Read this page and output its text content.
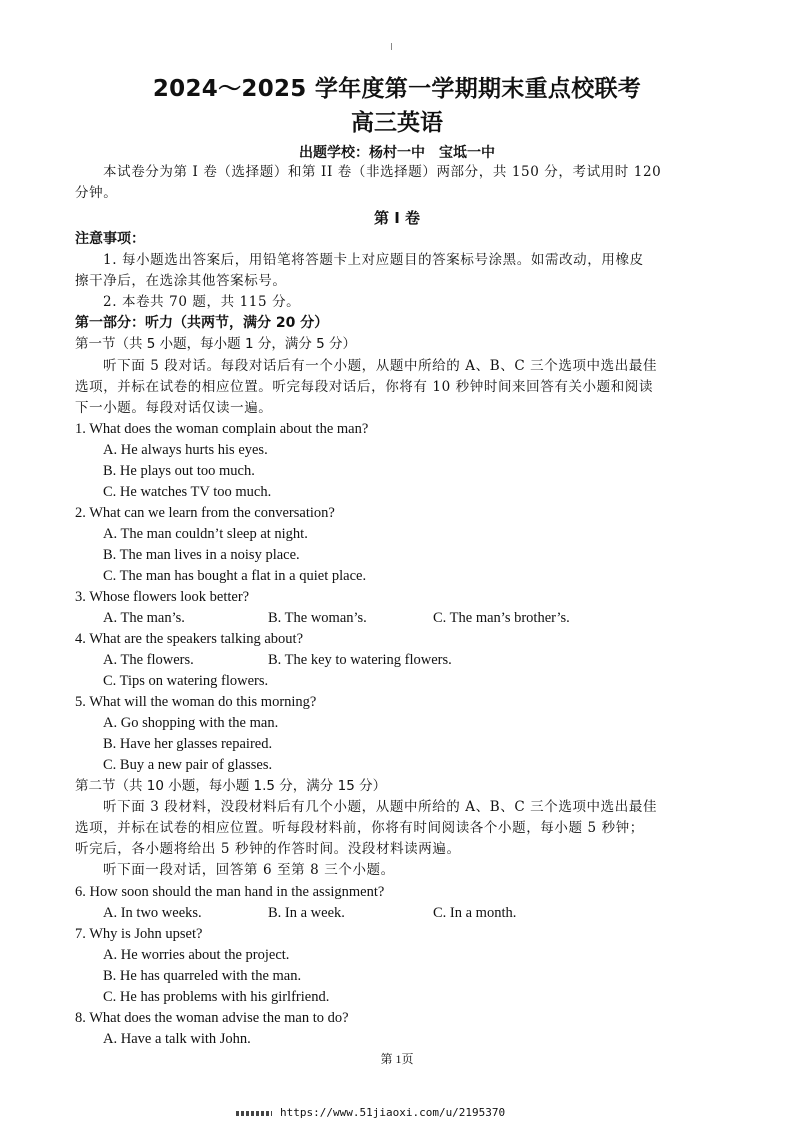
2024～2025 学年度第一学期期末重点校联考
高三英语
出题学校：杨村一中　宝坻一中
本试卷分为第 I 卷（选择题）和第 II 卷（非选择题）两部分，共 150 分，考试用时 120
分钟。
第 I 卷
注意事项：
1. 每小题选出答案后，用铅笔将答题卡上对应题目的答案标号涂黑。如需改动，用橡皮
擦干净后，在选涂其他答案标号。
2. 本卷共 70 题，共 115 分。
第一部分：听力（共两节，满分 20 分）
第一节（共 5 小题，每小题 1 分，满分 5 分）
听下面 5 段对话。每段对话后有一个小题，从题中所给的 A、B、C 三个选项中选出最佳
选项，并标在试卷的相应位置。听完每段对话后，你将有 10 秒钟时间来回答有关小题和阅读
下一小题。每段对话仅读一遍。
1. What does the woman complain about the man?
A. He always hurts his eyes.
B. He plays out too much.
C. He watches TV too much.
2. What can we learn from the conversation?
A. The man couldn’t sleep at night.
B. The man lives in a noisy place.
C. The man has bought a flat in a quiet place.
3. Whose flowers look better?
A. The man’s.	B. The woman’s.	C. The man’s brother’s.
4. What are the speakers talking about?
A. The flowers.	B. The key to watering flowers.
C. Tips on watering flowers.
5. What will the woman do this morning?
A. Go shopping with the man.
B. Have her glasses repaired.
C. Buy a new pair of glasses.
第二节（共 10 小题，每小题 1.5 分，满分 15 分）
听下面 3 段材料，没段材料后有几个小题，从题中所给的 A、B、C 三个选项中选出最佳
选项，并标在试卷的相应位置。听每段材料前，你将有时间阅读各个小题，每小题 5 秒钟；
听完后，各小题将给出 5 秒钟的作答时间。没段材料读两遍。
听下面一段对话，回答第 6 至第 8 三个小题。
6. How soon should the man hand in the assignment?
A. In two weeks.	B. In a week.	C. In a month.
7. Why is John upset?
A. He worries about the project.
B. He has quarreled with the man.
C. He has problems with his girlfriend.
8. What does the woman advise the man to do?
A. Have a talk with John.
第 1页
https://www.51jiaoxi.com/u/2195370
